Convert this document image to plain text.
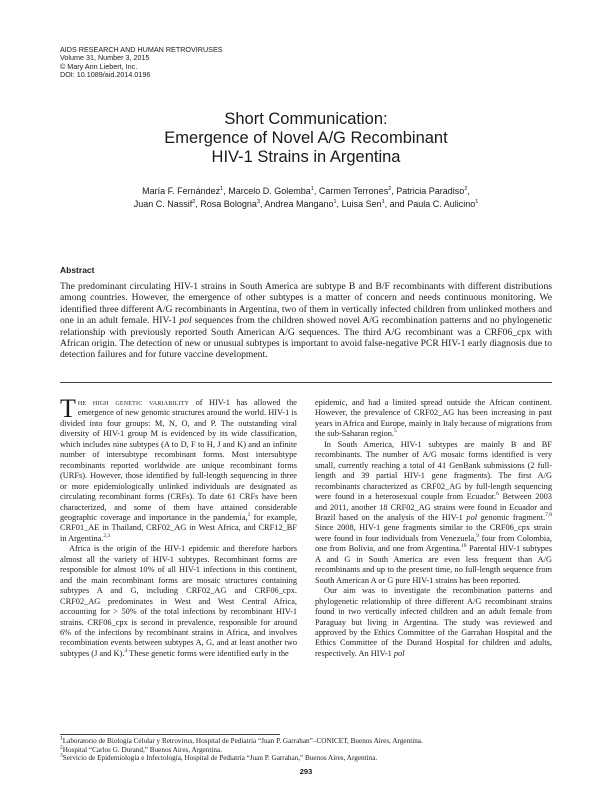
AIDS RESEARCH AND HUMAN RETROVIRUSES
Volume 31, Number 3, 2015
© Mary Ann Liebert, Inc.
DOI: 10.1089/aid.2014.0196
Short Communication:
Emergence of Novel A/G Recombinant
HIV-1 Strains in Argentina
María F. Fernández$^1$, Marcelo D. Golemba$^1$, Carmen Terrones$^2$, Patricia Paradiso$^2$,
Juan C. Nassif$^2$, Rosa Bologna$^3$, Andrea Mangano$^1$, Luisa Sen$^1$, and Paula C. Aulicino$^1$
Abstract
The predominant circulating HIV-1 strains in South America are subtype B and B/F recombinants with different distributions among countries. However, the emergence of other subtypes is a matter of concern and needs continuous monitoring. We identified three different A/G recombinants in Argentina, two of them in vertically infected children from unlinked mothers and one in an adult female. HIV-1 pol sequences from the children showed novel A/G recombination patterns and no phylogenetic relationship with previously reported South American A/G sequences. The third A/G recombinant was a CRF06_cpx with African origin. The detection of new or unusual subtypes is important to avoid false-negative PCR HIV-1 early diagnosis due to detection failures and for future vaccine development.

The high genetic variability of HIV-1 has allowed the emergence of new genomic structures around the world. HIV-1 is divided into four groups: M, N, O, and P. The outstanding viral diversity of HIV-1 group M is evidenced by its wide classification, which includes nine subtypes (A to D, F to H, J and K) and an infinite number of intersubtype recombinant forms. Most intersubtype recombinants reported worldwide are unique recombinant forms (URFs). However, those identified by full-length sequencing in three or more epidemiologically unlinked individuals are designated as circulating recombinant forms (CRFs). To date 61 CRFs have been characterized, and some of them have attained considerable geographic coverage and importance in the pandemia,$^1$ for example, CRF01_AE in Thailand, CRF02_AG in West Africa, and CRF12_BF in Argentina.$^{2,3}$

Africa is the origin of the HIV-1 epidemic and therefore harbors almost all the variety of HIV-1 subtypes. Recombinant forms are responsible for almost 10% of all HIV-1 infections in this continent, and the main recombinant forms are mosaic structures containing subtypes A and G, including CRF02_AG and CRF06_cpx. CRF02_AG predominates in West and West Central Africa, accounting for > 50% of the total infections by recombinant HIV-1 strains. CRF06_cpx is second in prevalence, responsible for around 6% of the infections by recombinant strains in Africa, and involves recombination events between subtypes A, G, and at least another two subtypes (J and K).$^4$ These genetic forms were identified early in the

epidemic, and had a limited spread outside the African continent. However, the prevalence of CRF02_AG has been increasing in past years in Africa and Europe, mainly in Italy because of migrations from the sub-Saharan region.$^5$

In South America, HIV-1 subtypes are mainly B and BF recombinants. The number of A/G mosaic forms identified is very small, currently reaching a total of 41 GenBank submissions (2 full-length and 39 partial HIV-1 gene fragments). The first A/G recombinants characterized as CRF02_AG by full-length sequencing were found in a heterosexual couple from Ecuador.$^6$ Between 2003 and 2011, another 18 CRF02_AG strains were found in Ecuador and Brazil based on the analysis of the HIV-1 pol genomic fragment.$^{7,8}$ Since 2008, HIV-1 gene fragments similar to the CRF06_cpx strain were found in four individuals from Venezuela,$^9$ four from Colombia, one from Bolivia, and one from Argentina.$^{10}$ Parental HIV-1 subtypes A and G in South America are even less frequent than A/G recombinants and up to the present time, no full-length sequence from South American A or G pure HIV-1 strains has been reported.

Our aim was to investigate the recombination patterns and phylogenetic relationship of three different A/G recombinant strains found in two vertically infected children and an adult female from Paraguay but living in Argentina. The study was reviewed and approved by the Ethics Committee of the Garrahan Hospital and the Ethics Committee of the Durand Hospital for children and adults, respectively. An HIV-1 pol

$^1$Laboratorio de Biología Celular y Retrovirus, Hospital de Pediatría “Juan P. Garrahan”–CONICET, Buenos Aires, Argentina.
$^2$Hospital “Carlos G. Durand,” Buenos Aires, Argentina.
$^3$Servicio de Epidemiología e Infectología, Hospital de Pediatría “Juan P. Garrahan,” Buenos Aires, Argentina.
293
